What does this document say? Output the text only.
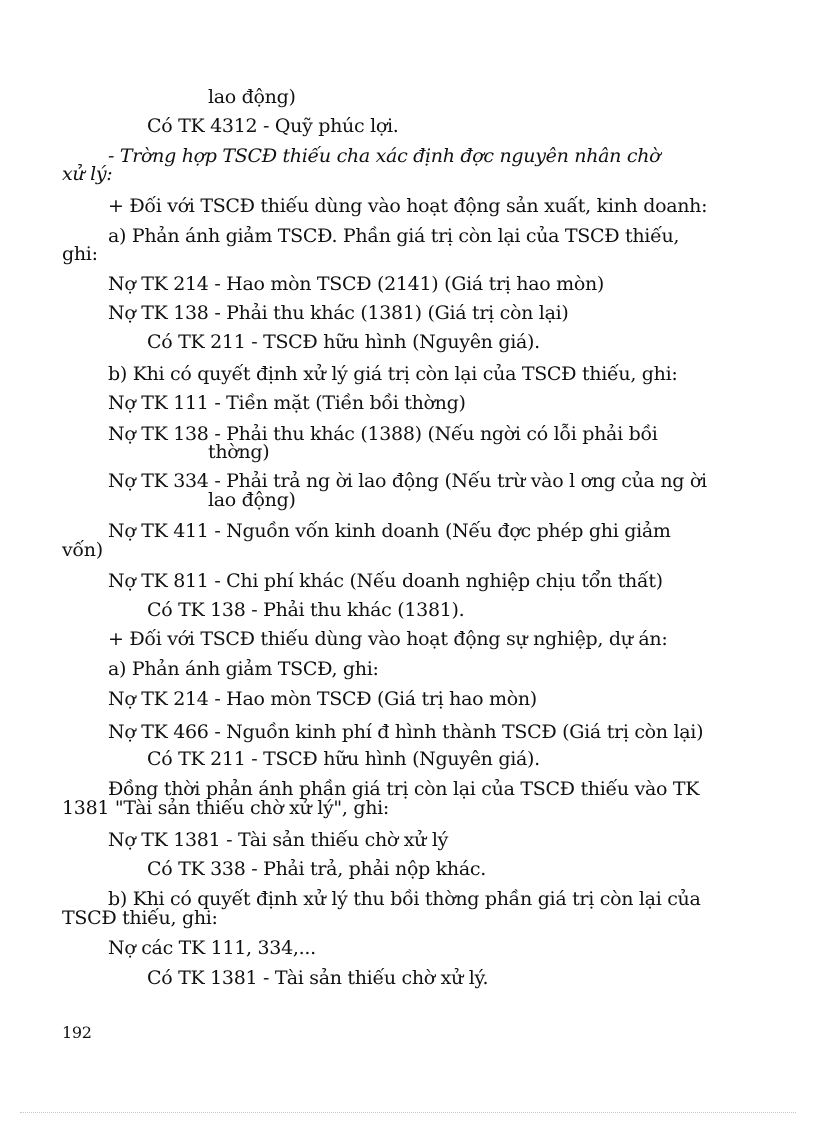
lao động)

Có TK 4312 - Quỹ phúc lợi.

- Trờng hợp TSCĐ thiếu cha xác định đợc nguyên nhân chờ

xử lý:

+ Đối với TSCĐ thiếu dùng vào hoạt động sản xuất, kinh doanh:

a) Phản ánh giảm TSCĐ. Phần giá trị còn lại của TSCĐ thiếu,

ghi:

Nợ TK 214 - Hao mòn TSCĐ (2141) (Giá trị hao mòn)

Nợ TK 138 - Phải thu khác (1381) (Giá trị còn lại)

Có TK 211 - TSCĐ hữu hình (Nguyên giá).

b) Khi có quyết định xử lý giá trị còn lại của TSCĐ thiếu, ghi:

Nợ TK 111 - Tiền mặt (Tiền bồi thờng)

Nợ TK 138 - Phải thu khác (1388) (Nếu ngời có lỗi phải bồi

thờng)

Nợ TK 334 - Phải trả ng ời lao động (Nếu trừ vào l ơng của ng ời

lao động)

Nợ TK 411 - Nguồn vốn kinh doanh (Nếu đợc phép ghi giảm

vốn)

Nợ TK 811 - Chi phí khác (Nếu doanh nghiệp chịu tổn thất)

Có TK 138 - Phải thu khác (1381).

+ Đối với TSCĐ thiếu dùng vào hoạt động sự nghiệp, dự án:

a) Phản ánh giảm TSCĐ, ghi:

Nợ TK 214 - Hao mòn TSCĐ (Giá trị hao mòn)

Nợ TK 466 - Nguồn kinh phí đ hình thành TSCĐ (Giá trị còn lại)

Có TK 211 - TSCĐ hữu hình (Nguyên giá).

Đồng thời phản ánh phần giá trị còn lại của TSCĐ thiếu vào TK

1381 "Tài sản thiếu chờ xử lý", ghi:

Nợ TK 1381 - Tài sản thiếu chờ xử lý

Có TK 338 - Phải trả, phải nộp khác.

b) Khi có quyết định xử lý thu bồi thờng phần giá trị còn lại của

TSCĐ thiếu, ghi:

Nợ các TK 111, 334,...

Có TK 1381 - Tài sản thiếu chờ xử lý.

192
